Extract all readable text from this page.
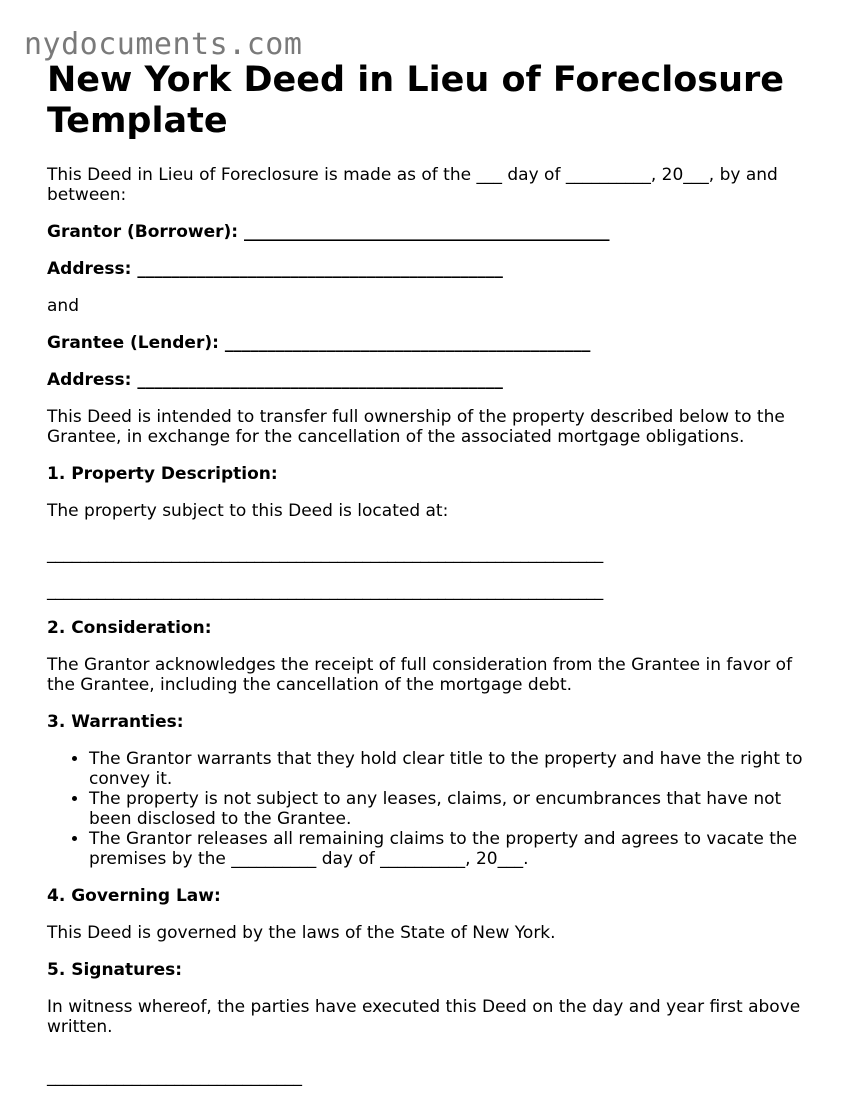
nydocuments.com
New York Deed in Lieu of Foreclosure Template

This Deed in Lieu of Foreclosure is made as of the ___ day of __________, 20___, by and between:

Grantor (Borrower): ___________________________________________

Address: ___________________________________________

and

Grantee (Lender): ___________________________________________

Address: ___________________________________________

This Deed is intended to transfer full ownership of the property described below to the Grantee, in exchange for the cancellation of the associated mortgage obligations.

1. Property Description:

The property subject to this Deed is located at:

___________________________________________________________________

___________________________________________________________________

2. Consideration:

The Grantor acknowledges the receipt of full consideration from the Grantee in favor of the Grantee, including the cancellation of the mortgage debt.

3. Warranties:

• The Grantor warrants that they hold clear title to the property and have the right to convey it.
• The property is not subject to any leases, claims, or encumbrances that have not been disclosed to the Grantee.
• The Grantor releases all remaining claims to the property and agrees to vacate the premises by the __________ day of __________, 20___.

4. Governing Law:

This Deed is governed by the laws of the State of New York.

5. Signatures:

In witness whereof, the parties have executed this Deed on the day and year first above written.

______________________________
